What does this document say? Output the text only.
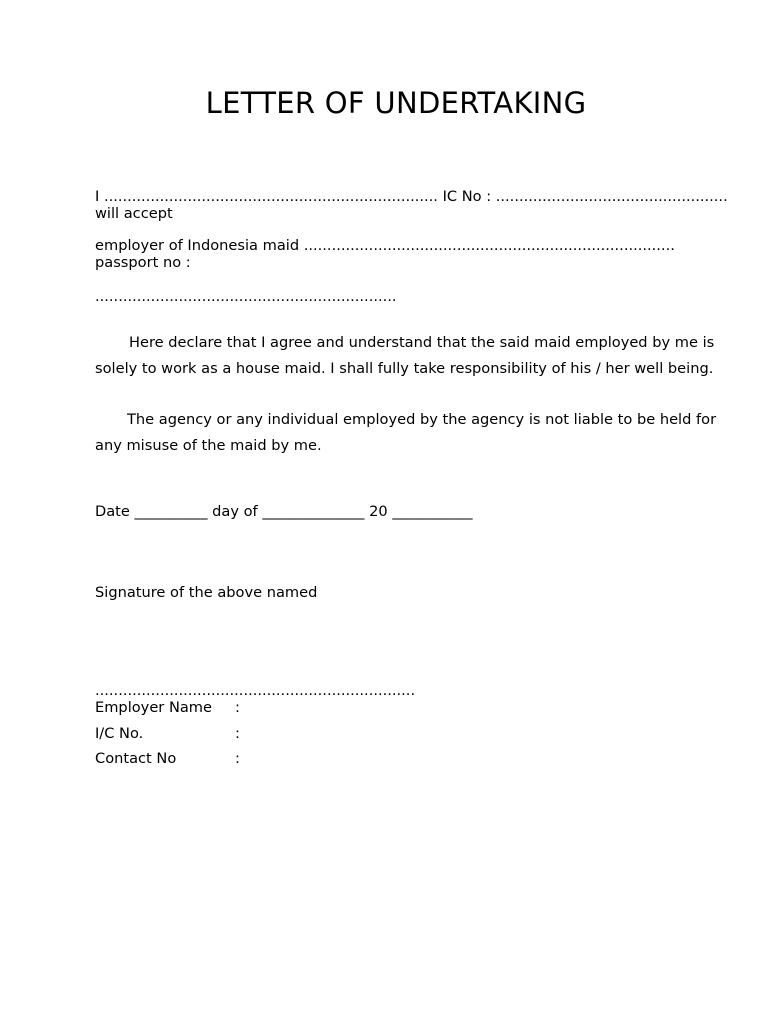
LETTER OF UNDERTAKING
I ........................................................................ IC No : ..................................................
will accept
employer of Indonesia maid ................................................................................
passport no :
.................................................................
Here declare that I agree and understand that the said maid employed by me is
solely to work as a house maid. I shall fully take responsibility of his / her well being.
The agency or any individual employed by the agency is not liable to be held for
any misuse of the maid by me.
Date __________ day of ______________ 20 ___________
Signature of the above named
.....................................................................
Employer Name :
I/C No.	:
Contact No	:
